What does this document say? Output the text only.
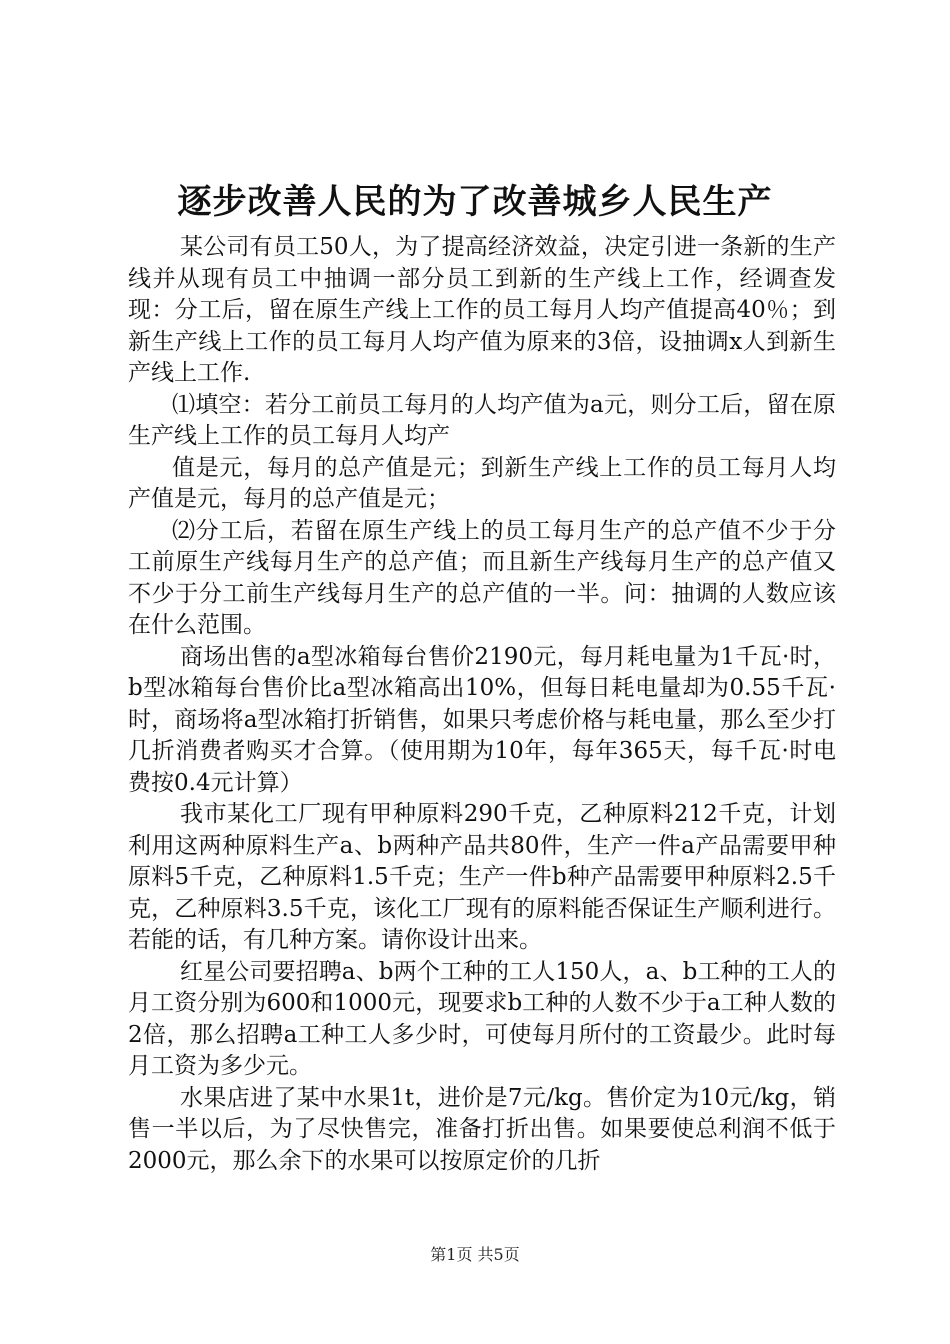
逐步改善人民的为了改善城乡人民生产

某公司有员工50人，为了提高经济效益，决定引进一条新的生产线并从现有员工中抽调一部分员工到新的生产线上工作，经调查发现：分工后，留在原生产线上工作的员工每月人均产值提高40％；到新生产线上工作的员工每月人均产值为原来的3倍，设抽调x人到新生产线上工作.

⑴填空：若分工前员工每月的人均产值为a元，则分工后，留在原生产线上工作的员工每月人均产

值是元，每月的总产值是元；到新生产线上工作的员工每月人均产值是元，每月的总产值是元；

⑵分工后，若留在原生产线上的员工每月生产的总产值不少于分工前原生产线每月生产的总产值；而且新生产线每月生产的总产值又不少于分工前生产线每月生产的总产值的一半。问：抽调的人数应该在什么范围。

商场出售的a型冰箱每台售价2190元，每月耗电量为1千瓦·时，b型冰箱每台售价比a型冰箱高出10%，但每日耗电量却为0.55千瓦·时，商场将a型冰箱打折销售，如果只考虑价格与耗电量，那么至少打几折消费者购买才合算。（使用期为10年，每年365天，每千瓦·时电费按0.4元计算）

我市某化工厂现有甲种原料290千克，乙种原料212千克，计划利用这两种原料生产a、b两种产品共80件，生产一件a产品需要甲种原料5千克，乙种原料1.5千克；生产一件b种产品需要甲种原料2.5千克，乙种原料3.5千克，该化工厂现有的原料能否保证生产顺利进行。若能的话，有几种方案。请你设计出来。

红星公司要招聘a、b两个工种的工人150人，a、b工种的工人的月工资分别为600和1000元，现要求b工种的人数不少于a工种人数的2倍，那么招聘a工种工人多少时，可使每月所付的工资最少。此时每月工资为多少元。

水果店进了某中水果1t，进价是7元/kg。售价定为10元/kg，销售一半以后，为了尽快售完，准备打折出售。如果要使总利润不低于2000元，那么余下的水果可以按原定价的几折

第1页 共5页
